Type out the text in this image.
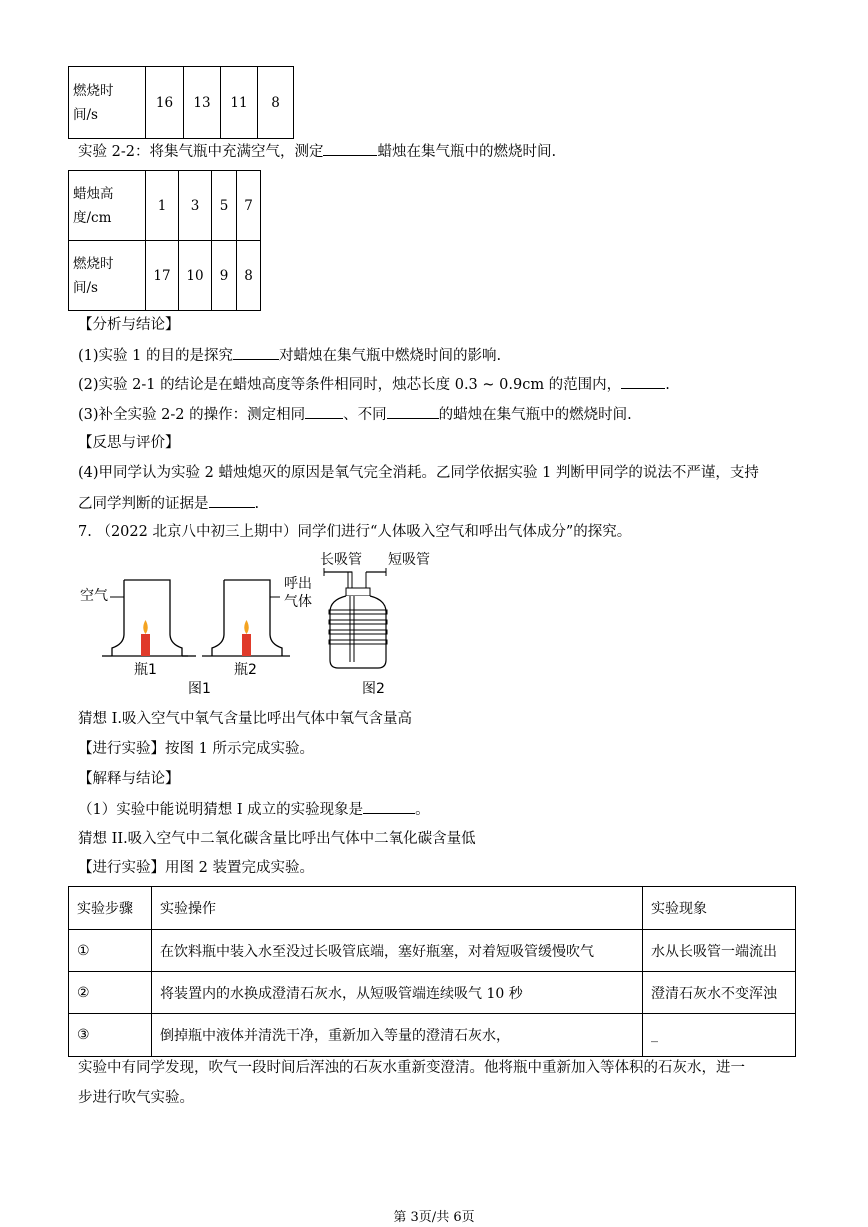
燃烧时
间/s	16	13	11	8
实验 2-2：将集气瓶中充满空气，测定	蜡烛在集气瓶中的燃烧时间.
蜡烛高
度/cm	1	3	5	7
燃烧时
间/s	17	10	9	8
【分析与结论】
(1)实验 1 的目的是探究	对蜡烛在集气瓶中燃烧时间的影响.
(2)实验 2-1 的结论是在蜡烛高度等条件相同时，烛芯长度 0.3 ~ 0.9cm 的范围内，	.
(3)补全实验 2-2 的操作：测定相同	、不同	的蜡烛在集气瓶中的燃烧时间.
【反思与评价】
(4)甲同学认为实验 2 蜡烛熄灭的原因是氧气完全消耗。乙同学依据实验 1 判断甲同学的说法不严谨，支持
乙同学判断的证据是	.
7. （2022 北京八中初三上期中）同学们进行“人体吸入空气和呼出气体成分”的探究。
空气
呼出
气体
瓶1	瓶2
图1
长吸管 短吸管
图2
猜想 I.吸入空气中氧气含量比呼出气体中氧气含量高
【进行实验】按图 1 所示完成实验。
【解释与结论】
（1）实验中能说明猜想 I 成立的实验现象是	。
猜想 II.吸入空气中二氧化碳含量比呼出气体中二氧化碳含量低
【进行实验】用图 2 装置完成实验。
实验步骤	实验操作	实验现象
①	在饮料瓶中装入水至没过长吸管底端，塞好瓶塞，对着短吸管缓慢吹气	水从长吸管一端流出
②	将装置内的水换成澄清石灰水，从短吸管端连续吸气 10 秒	澄清石灰水不变浑浊
③	倒掉瓶中液体并清洗干净，重新加入等量的澄清石灰水，	_
实验中有同学发现，吹气一段时间后浑浊的石灰水重新变澄清。他将瓶中重新加入等体积的石灰水，进一
步进行吹气实验。
第 3页/共 6页
